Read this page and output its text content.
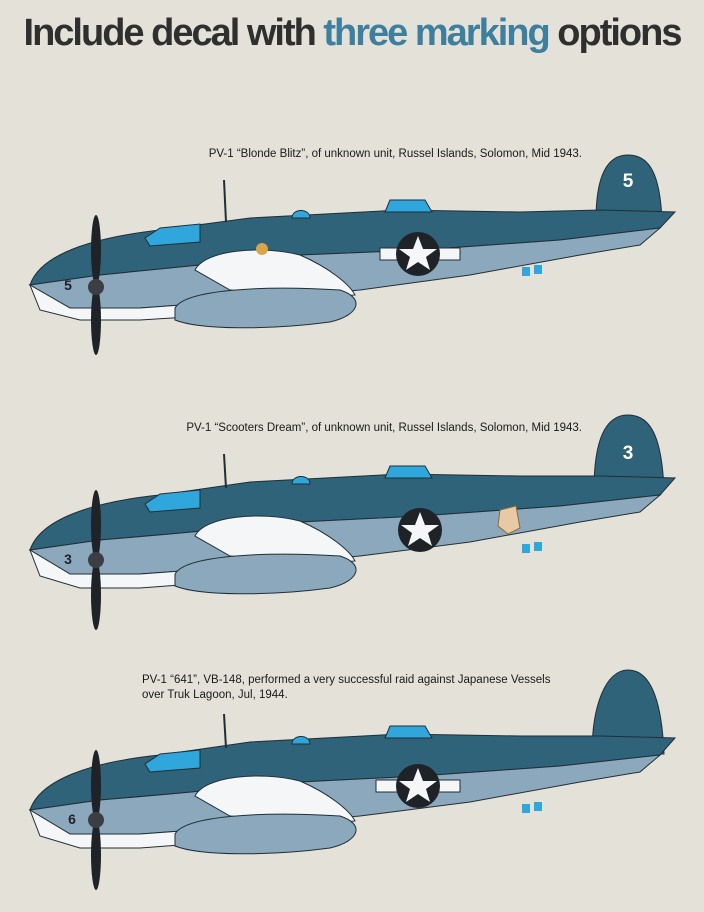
Include decal with three marking options
PV-1 “Blonde Blitz”, of unknown unit, Russel Islands, Solomon, Mid 1943.
5
5
PV-1 “Scooters Dream”, of unknown unit, Russel Islands, Solomon, Mid 1943.
3
3
PV-1 “641”, VB-148, performed a very successful raid against Japanese Vessels
over Truk Lagoon, Jul, 1944.
6
